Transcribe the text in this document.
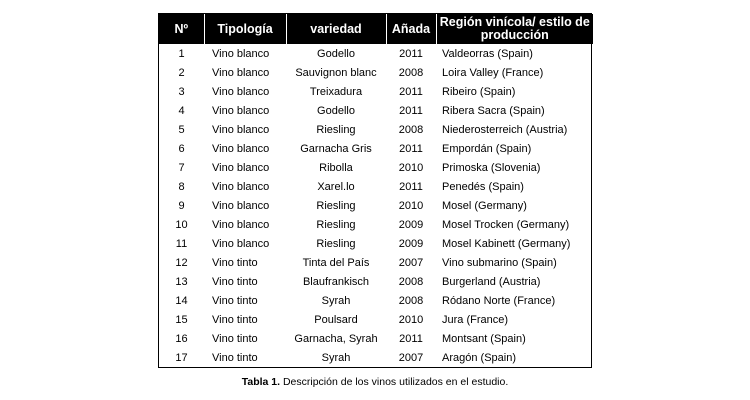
Nº	Tipología	variedad	Añada	Región vinícola/ estilo de producción
1	Vino blanco	Godello	2011	Valdeorras (Spain)
2	Vino blanco	Sauvignon blanc	2008	Loira Valley (France)
3	Vino blanco	Treixadura	2011	Ribeiro (Spain)
4	Vino blanco	Godello	2011	Ribera Sacra (Spain)
5	Vino blanco	Riesling	2008	Niederosterreich (Austria)
6	Vino blanco	Garnacha Gris	2011	Empordán (Spain)
7	Vino blanco	Ribolla	2010	Primoska (Slovenia)
8	Vino blanco	Xarel.lo	2011	Penedés (Spain)
9	Vino blanco	Riesling	2010	Mosel (Germany)
10	Vino blanco	Riesling	2009	Mosel Trocken (Germany)
11	Vino blanco	Riesling	2009	Mosel Kabinett (Germany)
12	Vino tinto	Tinta del País	2007	Vino submarino (Spain)
13	Vino tinto	Blaufrankisch	2008	Burgerland (Austria)
14	Vino tinto	Syrah	2008	Ródano Norte (France)
15	Vino tinto	Poulsard	2010	Jura (France)
16	Vino tinto	Garnacha, Syrah	2011	Montsant (Spain)
17	Vino tinto	Syrah	2007	Aragón (Spain)
Tabla 1. Descripción de los vinos utilizados en el estudio.
